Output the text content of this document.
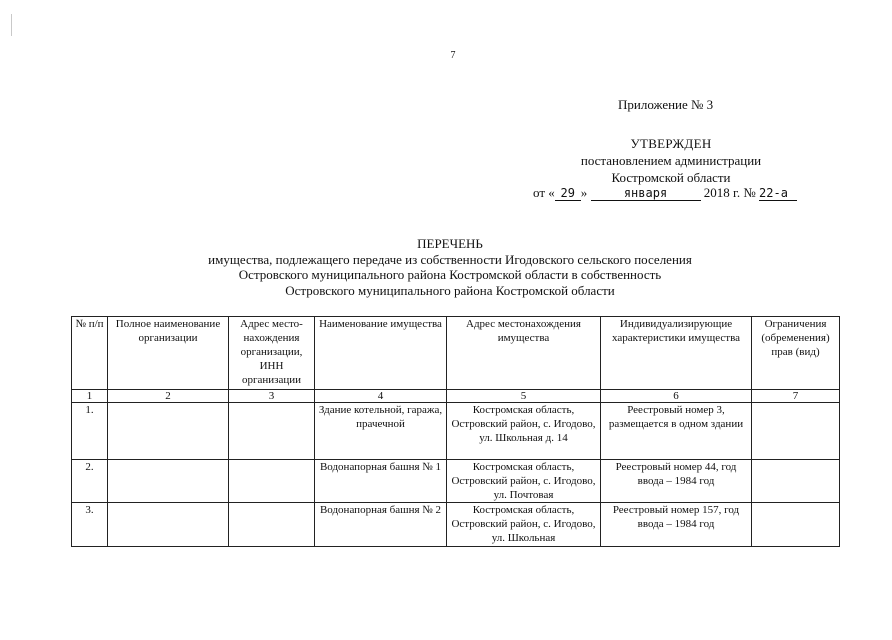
7
Приложение № 3
УТВЕРЖДЕН
постановлением администрации
Костромской области
от « 29 »	января	2018 г. № 22-а
ПЕРЕЧЕНЬ
имущества, подлежащего передаче из собственности Игодовского сельского поселения
Островского муниципального района Костромской области в собственность
Островского муниципального района Костромской области
№ п/п	Полное наименование организации	Адрес место-нахождения организации, ИНН организации	Наименование имущества	Адрес местонахождения имущества	Индивидуализирующие характеристики имущества	Ограничения (обременения) прав (вид)
1	2	3	4	5	6	7
1.			Здание котельной, гаража, прачечной	Костромская область, Островский район, с. Игодово, ул. Школьная д. 14	Реестровый номер 3, размещается в одном здании	
2.			Водонапорная башня № 1	Костромская область, Островский район, с. Игодово, ул. Почтовая	Реестровый номер 44, год ввода – 1984 год	
3.			Водонапорная башня № 2	Костромская область, Островский район, с. Игодово, ул. Школьная	Реестровый номер 157, год ввода – 1984 год	
